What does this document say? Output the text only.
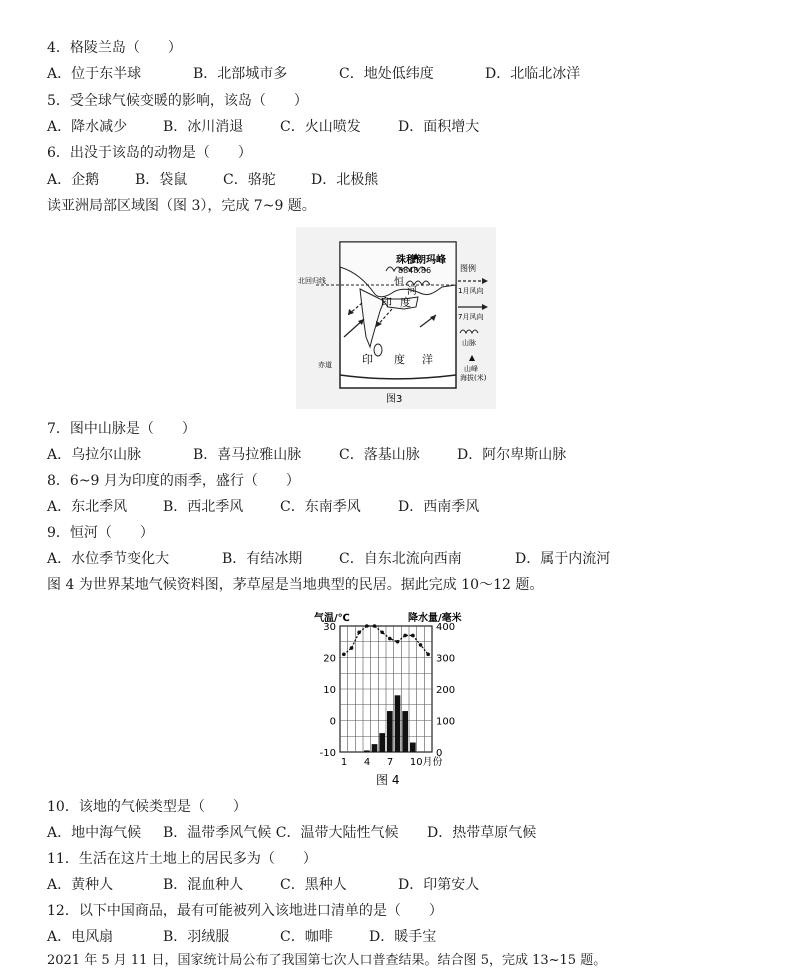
4．格陵兰岛（　　）
A．位于东半球	B．北部城市多	C．地处低纬度	D．北临北冰洋
5．受全球气候变暖的影响，该岛（　　）
A．降水减少	B．冰川消退	C．火山喷发	D．面积增大
6．出没于该岛的动物是（　　）
A．企鹅	B．袋鼠	C．骆驼	D．北极熊
读亚洲局部区域图（图 3），完成 7~9 题。
珠穆朗玛峰
8848.86
北回归线
赤道
印 度
恒
河
印 度 洋
图例
1月风向
7月风向
山脉
山峰
海拔(米)
图3
7．图中山脉是（　　）
A．乌拉尔山脉	B．喜马拉雅山脉	C．落基山脉	D．阿尔卑斯山脉
8．6~9 月为印度的雨季，盛行（　　）
A．东北季风	B．西北季风	C．东南季风	D．西南季风
9．恒河（　　）
A．水位季节变化大	B．有结冰期	C．自东北流向西南	D．属于内流河
图 4 为世界某地气候资料图，茅草屋是当地典型的民居。据此完成 10～12 题。
气温/℃	降水量/毫米
30
20
10
0
-10
400
300
200
100
0
1 4 7 10月份
图 4
10．该地的气候类型是（　　）
A．地中海气候 B．温带季风气候 C．温带大陆性气候 D．热带草原气候
11．生活在这片土地上的居民多为（　　）
A．黄种人	B．混血种人	C．黑种人	D．印第安人
12．以下中国商品，最有可能被列入该地进口清单的是（　　）
A．电风扇	B．羽绒服	C．咖啡	D．暖手宝
2021 年 5 月 11 日，国家统计局公布了我国第七次人口普查结果。结合图 5，完成 13~15 题。
